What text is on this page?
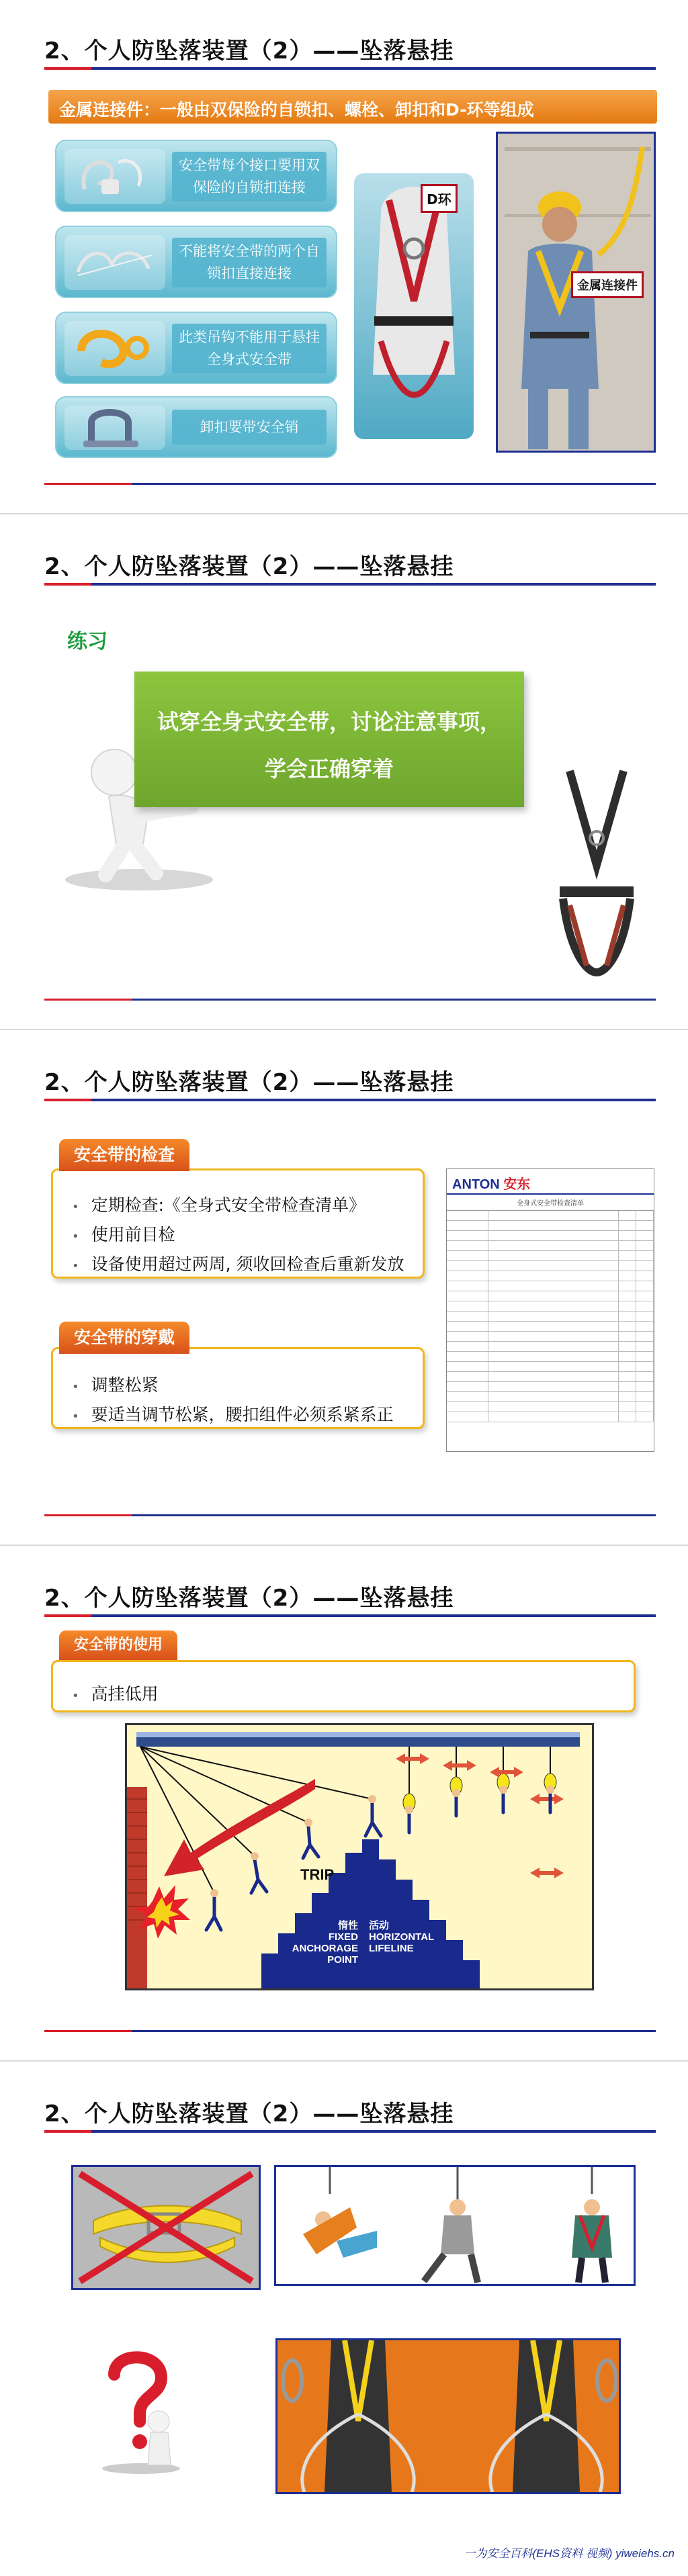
2、个人防坠落装置（2）——坠落悬挂
金属连接件：一般由双保险的自锁扣、螺栓、卸扣和D-环等组成
安全带每个接口要用双保险的自锁扣连接
不能将安全带的两个自锁扣直接连接
此类吊钩不能用于悬挂全身式安全带
卸扣要带安全销
D环
金属连接件
2、个人防坠落装置（2）——坠落悬挂
练习
试穿全身式安全带，讨论注意事项，
学会正确穿着
2、个人防坠落装置（2）——坠落悬挂
• 定期检查:《全身式安全带检查清单》
• 使用前目检
• 设备使用超过两周, 须收回检查后重新发放
安全带的检查
• 调整松紧
• 要适当调节松紧，腰扣组件必须系紧系正
安全带的穿戴
ANTON 安东
全身式安全带检查清单
2、个人防坠落装置（2）——坠落悬挂
• 高挂低用
安全带的使用
TRIP
惰性
FIXED
ANCHORAGE
POINT
活动
HORIZONTAL
LIFELINE
2、个人防坠落装置（2）——坠落悬挂
一为安全百科(EHS资料 视频) yiweiehs.cn
